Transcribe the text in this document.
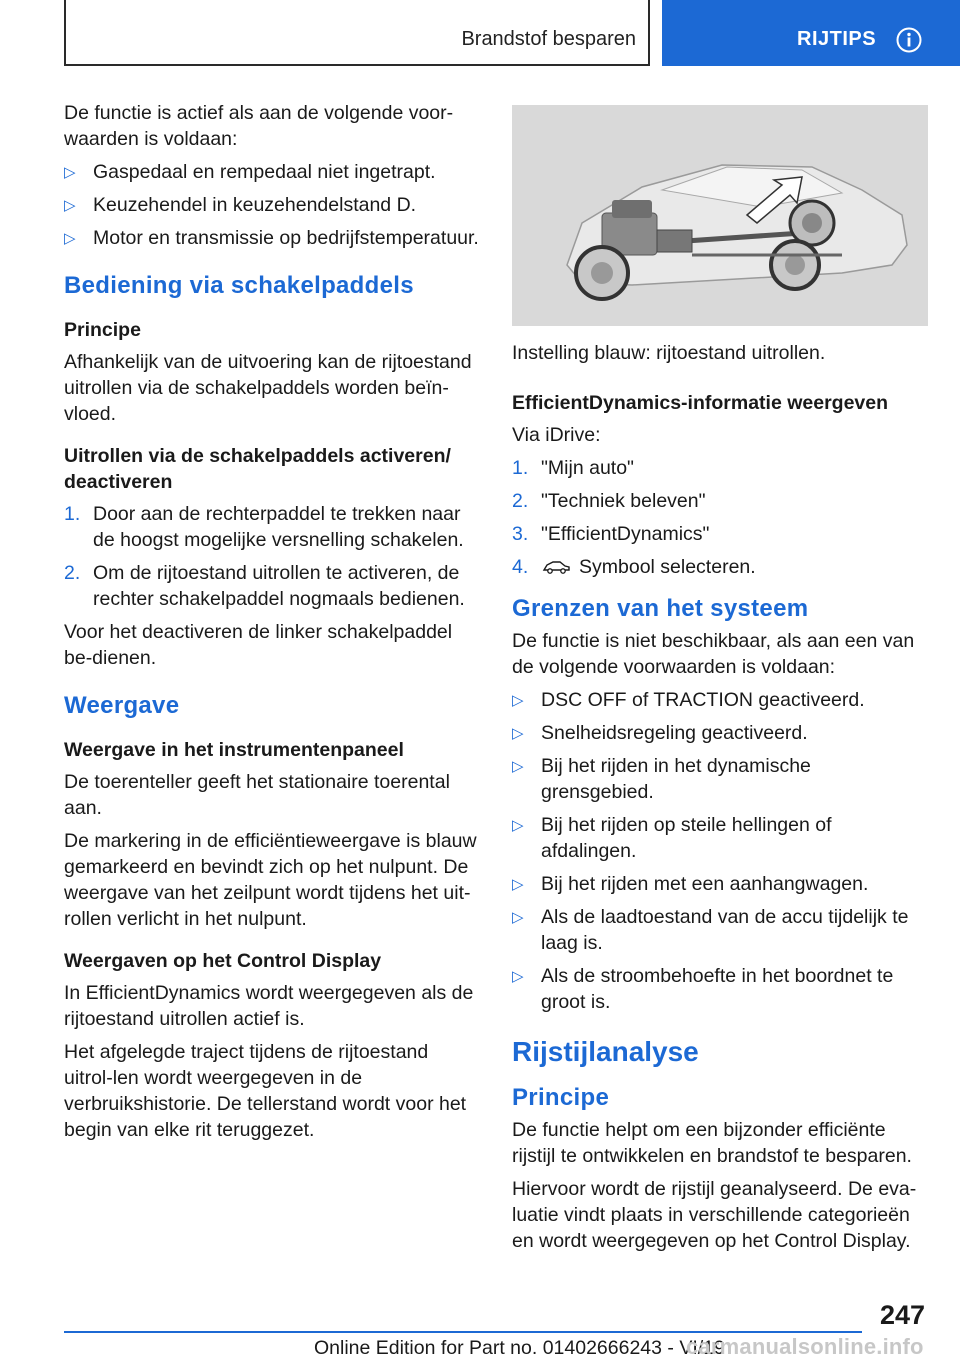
Brandstof besparen	RIJTIPS

De functie is actief als aan de volgende voor-waarden is voldaan:

▷ Gaspedaal en rempedaal niet ingetrapt.
▷ Keuzehendel in keuzehendelstand D.
▷ Motor en transmissie op bedrijfstemperatuur.
Bediening via schakelpaddels
Principe

Afhankelijk van de uitvoering kan de rijtoestand uitrollen via de schakelpaddels worden beïn-vloed.

Uitrollen via de schakelpaddels activeren/ deactiveren
1. Door aan de rechterpaddel te trekken naar de hoogst mogelijke versnelling schakelen.
2. Om de rijtoestand uitrollen te activeren, de rechter schakelpaddel nogmaals bedienen.

Voor het deactiveren de linker schakelpaddel be-dienen.

Weergave
Weergave in het instrumentenpaneel

De toerenteller geeft het stationaire toerental aan.

De markering in de efficiëntieweergave is blauw gemarkeerd en bevindt zich op het nulpunt. De weergave van het zeilpunt wordt tijdens het uit-rollen verlicht in het nulpunt.

Weergaven op het Control Display

In EfficientDynamics wordt weergegeven als de rijtoestand uitrollen actief is.

Het afgelegde traject tijdens de rijtoestand uitrol-len wordt weergegeven in de verbruikshistorie. De tellerstand wordt voor het begin van elke rit teruggezet.

Instelling blauw: rijtoestand uitrollen.

EfficientDynamics-informatie weergeven

Via iDrive:

1. "Mijn auto"
2. "Techniek beleven"
3. "EfficientDynamics"
4.	Symbool selecteren.
Grenzen van het systeem

De functie is niet beschikbaar, als aan een van de volgende voorwaarden is voldaan:

▷ DSC OFF of TRACTION geactiveerd.
▷ Snelheidsregeling geactiveerd.
▷ Bij het rijden in het dynamische grensgebied.
▷ Bij het rijden op steile hellingen of afdalingen.
▷ Bij het rijden met een aanhangwagen.
▷ Als de laadtoestand van de accu tijdelijk te laag is.
▷ Als de stroombehoefte in het boordnet te groot is.
Rijstijlanalyse
Principe

De functie helpt om een bijzonder efficiënte rijstijl te ontwikkelen en brandstof te besparen.

Hiervoor wordt de rijstijl geanalyseerd. De eva-luatie vindt plaats in verschillende categorieën en wordt weergegeven op het Control Display.

247
Online Edition for Part no. 01402666243 - VI/19
carmanualsonline.info
